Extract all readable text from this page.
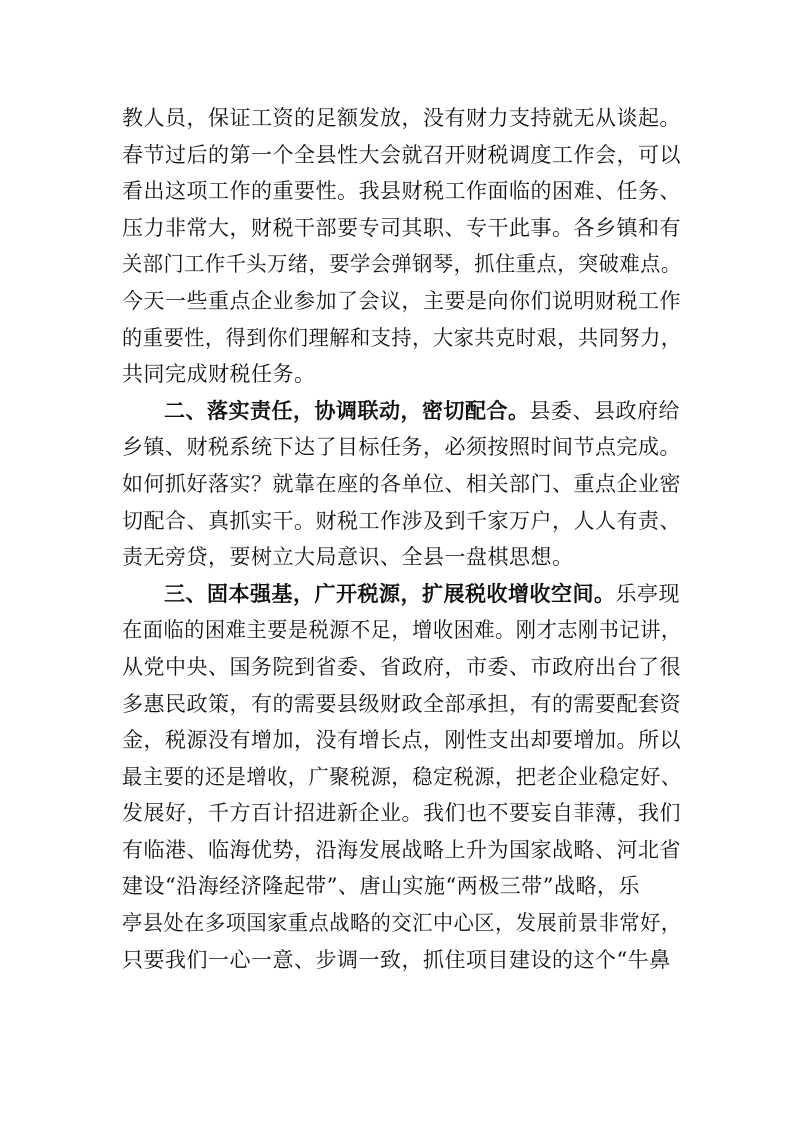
教人员，保证工资的足额发放，没有财力支持就无从谈起。
春节过后的第一个全县性大会就召开财税调度工作会，可以
看出这项工作的重要性。我县财税工作面临的困难、任务、
压力非常大，财税干部要专司其职、专干此事。各乡镇和有
关部门工作千头万绪，要学会弹钢琴，抓住重点，突破难点。
今天一些重点企业参加了会议，主要是向你们说明财税工作
的重要性，得到你们理解和支持，大家共克时艰，共同努力，
共同完成财税任务。
二、落实责任，协调联动，密切配合。县委、县政府给
乡镇、财税系统下达了目标任务，必须按照时间节点完成。
如何抓好落实？就靠在座的各单位、相关部门、重点企业密
切配合、真抓实干。财税工作涉及到千家万户，人人有责、
责无旁贷，要树立大局意识、全县一盘棋思想。
三、固本强基，广开税源，扩展税收增收空间。乐亭现
在面临的困难主要是税源不足，增收困难。刚才志刚书记讲，
从党中央、国务院到省委、省政府，市委、市政府出台了很
多惠民政策，有的需要县级财政全部承担，有的需要配套资
金，税源没有增加，没有增长点，刚性支出却要增加。所以
最主要的还是增收，广聚税源，稳定税源，把老企业稳定好、
发展好，千方百计招进新企业。我们也不要妄自菲薄，我们
有临港、临海优势，沿海发展战略上升为国家战略、河北省
建设“沿海经济隆起带”、唐山实施“两极三带”战略，乐
亭县处在多项国家重点战略的交汇中心区，发展前景非常好，
只要我们一心一意、步调一致，抓住项目建设的这个“牛鼻
